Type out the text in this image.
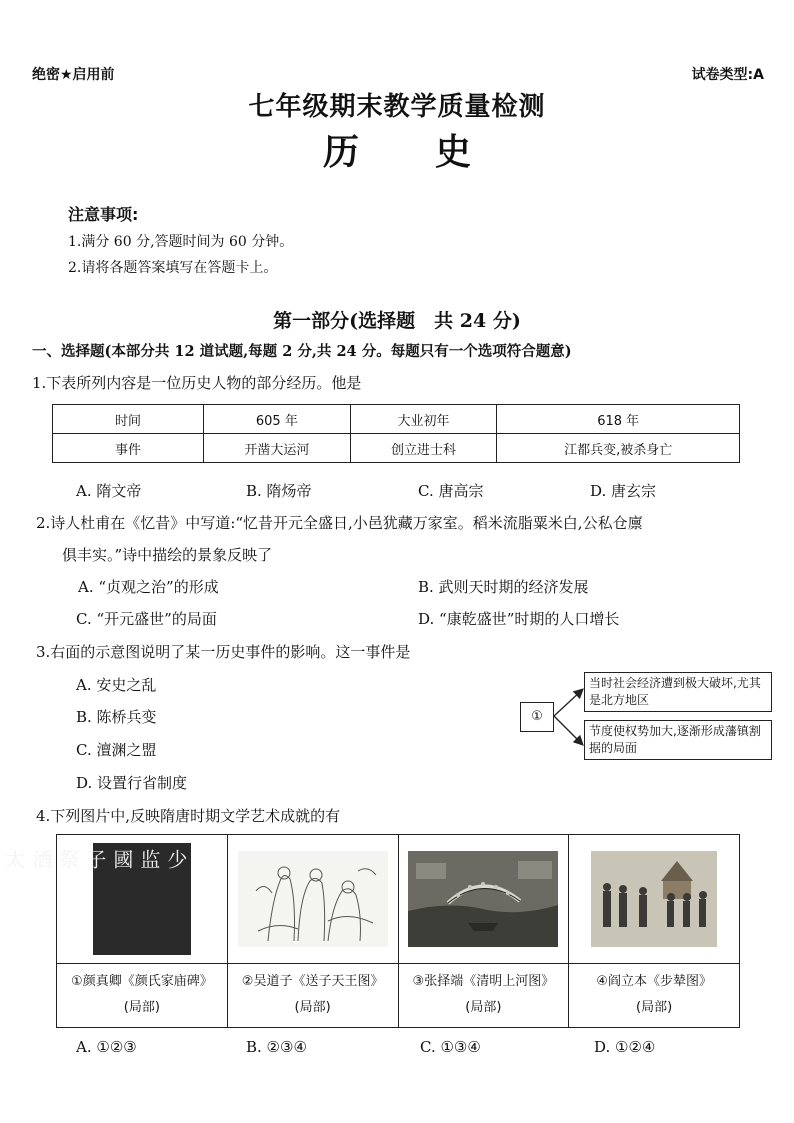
绝密★启用前	试卷类型:A
七年级期末教学质量检测
历史
注意事项:
1.满分 60 分,答题时间为 60 分钟。
2.请将各题答案填写在答题卡上。
第一部分(选择题　共 24 分)
一、选择题(本部分共 12 道试题,每题 2 分,共 24 分。每题只有一个选项符合题意)
1.下表所列内容是一位历史人物的部分经历。他是
时间	605 年	大业初年	618 年
事件	开凿大运河	创立进士科	江都兵变,被杀身亡
A. 隋文帝	B. 隋炀帝	C. 唐高宗	D. 唐玄宗
2.诗人杜甫在《忆昔》中写道:“忆昔开元全盛日,小邑犹藏万家室。稻米流脂粟米白,公私仓廪
俱丰实。”诗中描绘的景象反映了
A. “贞观之治”的形成	B. 武则天时期的经济发展
C. “开元盛世”的局面	D. “康乾盛世”时期的人口增长
3.右面的示意图说明了某一历史事件的影响。这一事件是
A. 安史之乱
B. 陈桥兵变
C. 澶渊之盟
D. 设置行省制度
①
当时社会经济遭到极大破坏,尤其是北方地区
节度使权势加大,逐渐形成藩镇割据的局面
4.下列图片中,反映隋唐时期文学艺术成就的有
少监國子祭酒太
①颜真卿《颜氏家庙碑》
(局部)
②吴道子《送子天王图》
(局部)
③张择端《清明上河图》
(局部)
④阎立本《步辇图》
(局部)
A. ①②③	B. ②③④	C. ①③④	D. ①②④
